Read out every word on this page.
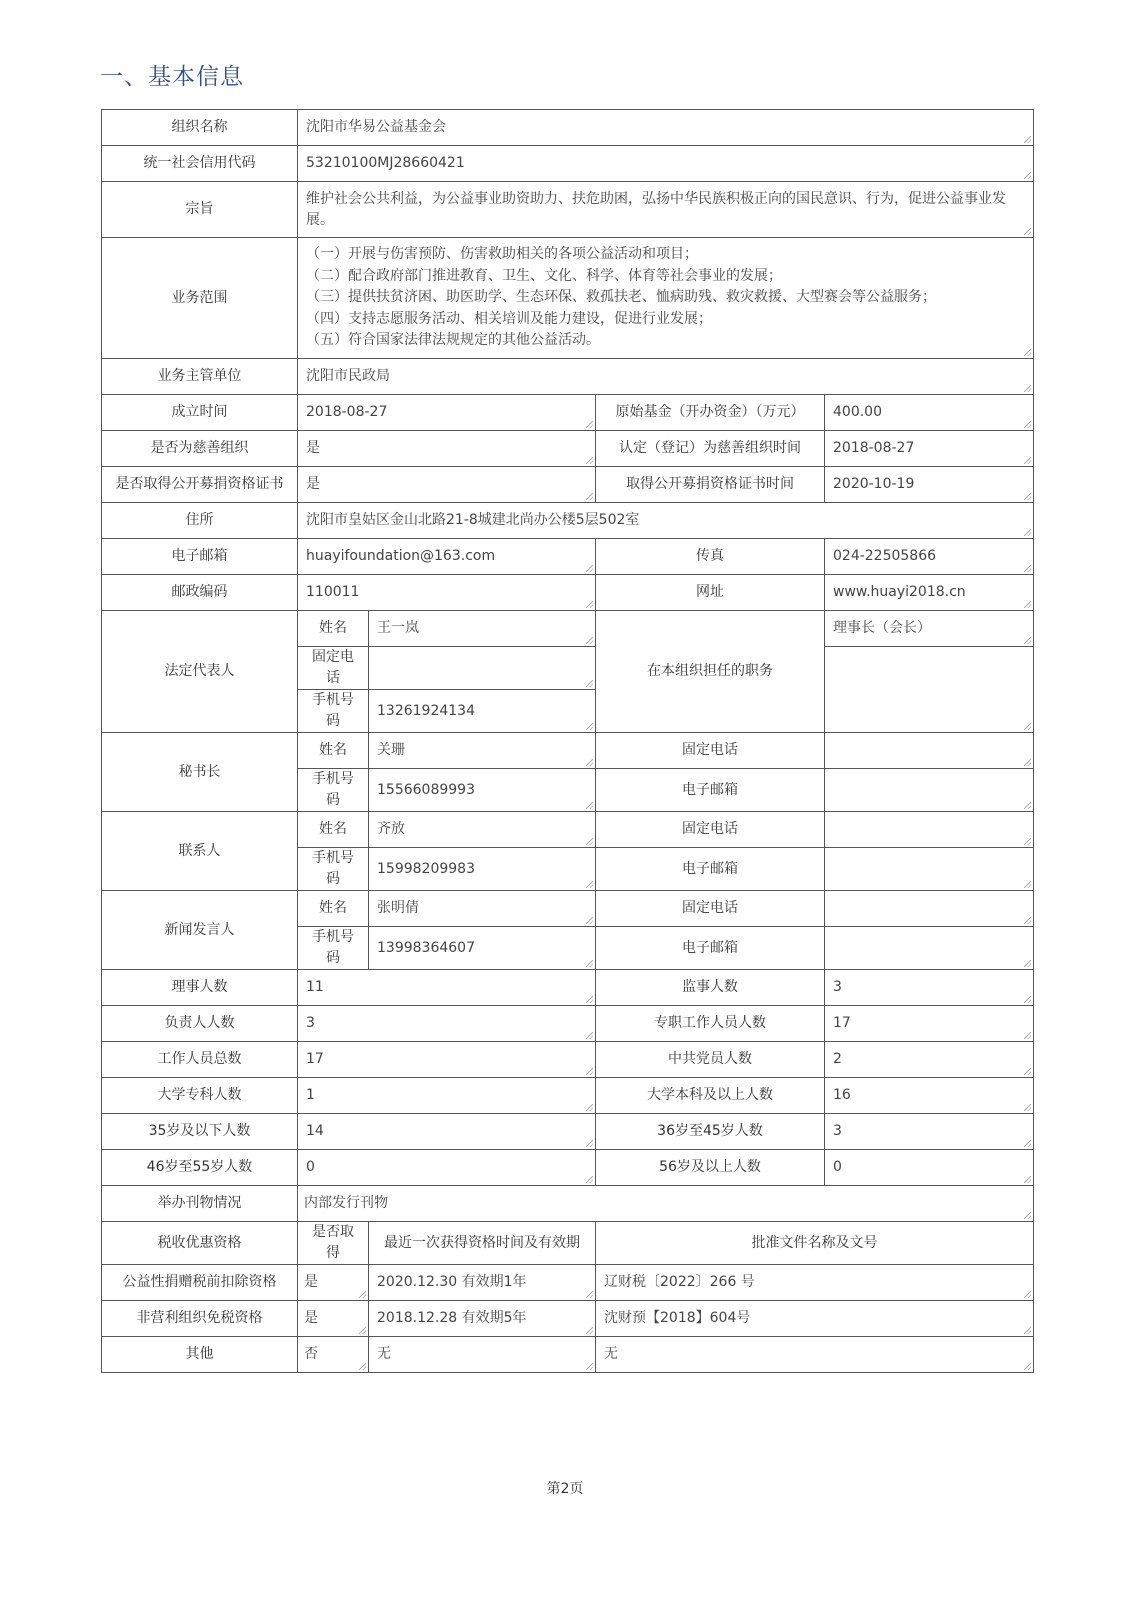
一、基本信息
组织名称	沈阳市华易公益基金会			
统一社会信用代码	53210100MJ28660421			
宗旨	维护社会公共利益，为公益事业助资助力、扶危助困，弘扬中华民族积极正向的国民意识、行为，促进公益事业发展。			
业务范围	（一）开展与伤害预防、伤害救助相关的各项公益活动和项目；
（二）配合政府部门推进教育、卫生、文化、科学、体育等社会事业的发展；
（三）提供扶贫济困、助医助学、生态环保、救孤扶老、恤病助残、救灾救援、大型赛会等公益服务；
（四）支持志愿服务活动、相关培训及能力建设，促进行业发展；
（五）符合国家法律法规规定的其他公益活动。			

业务主管单位	沈阳市民政局			
成立时间	2018-08-27		原始基金（开办资金）（万元）	400.00
是否为慈善组织	是		认定（登记）为慈善组织时间	2018-08-27
是否取得公开募捐资格证书	是		取得公开募捐资格证书时间	2020-10-19
住所	沈阳市皇姑区金山北路21-8城建北尚办公楼5层502室			
电子邮箱	huayifoundation@163.com		传真	024-22505866
邮政编码	110011		网址	www.huayi2018.cn
法定代表人	姓名	王一岚	在本组织担任的职务	理事长（会长）
	固定电话			
	手机号码	13261924134		
秘书长	姓名	关珊	固定电话	
	手机号码	15566089993	电子邮箱	
联系人	姓名	齐放	固定电话	
	手机号码	15998209983	电子邮箱	
新闻发言人	姓名	张明倩	固定电话	
	手机号码	13998364607	电子邮箱	
理事人数	11		监事人数	3
负责人人数	3		专职工作人员人数	17
工作人员总数	17		中共党员人数	2
大学专科人数	1		大学本科及以上人数	16
35岁及以下人数	14		36岁至45岁人数	3
46岁至55岁人数	0		56岁及以上人数	0
举办刊物情况	内部发行刊物			
税收优惠资格	是否取得	最近一次获得资格时间及有效期	批准文件名称及文号	
公益性捐赠税前扣除资格	是	2020.12.30 有效期1年	辽财税〔2022〕266 号	
非营利组织免税资格	是	2018.12.28 有效期5年	沈财预【2018】604号	
其他	否	无	无	
第2页
